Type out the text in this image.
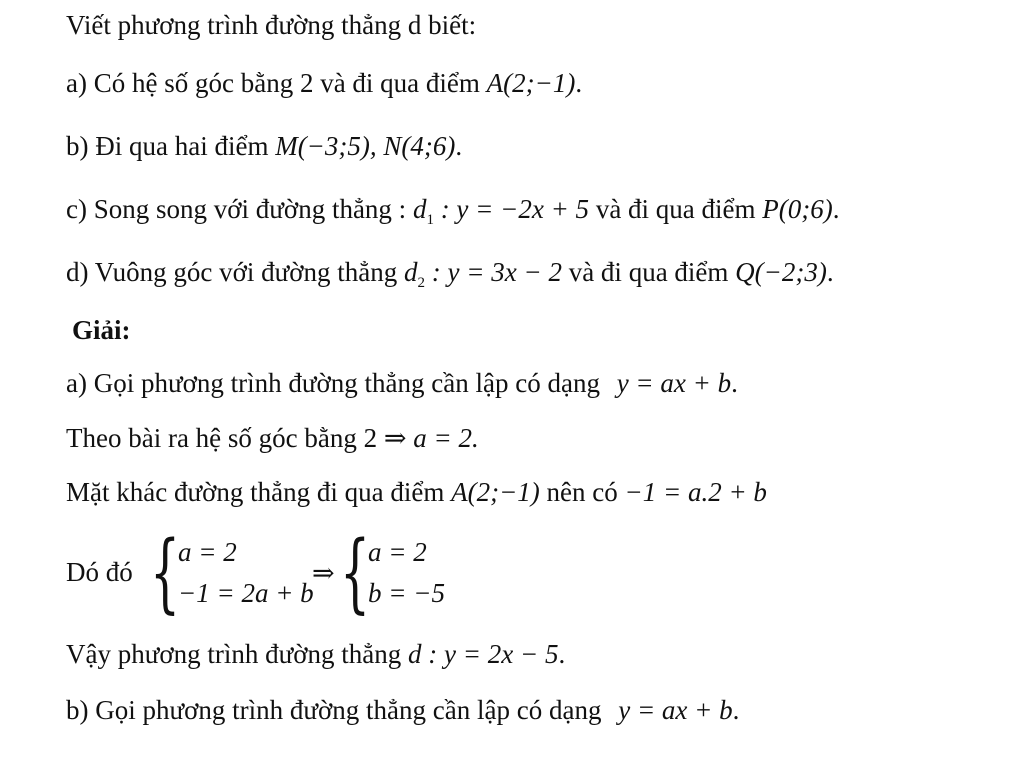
Viết phương trình đường thẳng d biết:
a) Có hệ số góc bằng 2 và đi qua điểm A(2;−1).
b) Đi qua hai điểm M(−3;5), N(4;6).
c) Song song với đường thẳng : $d_1$ : y = −2x + 5 và đi qua điểm P(0;6).
d) Vuông góc với đường thẳng $d_2$ : y = 3x − 2 và đi qua điểm Q(−2;3).
Giải:
a) Gọi phương trình đường thẳng cần lập có dạng y = ax + b.
Theo bài ra hệ số góc bằng 2 ⇒ a = 2.
Mặt khác đường thẳng đi qua điểm A(2;−1) nên có −1 = a.2 + b
Dó đó {
a = 2
−1 = 2a + b
⇒ {
a = 2
b = −5
Vậy phương trình đường thẳng d : y = 2x − 5.
b) Gọi phương trình đường thẳng cần lập có dạng y = ax + b.
